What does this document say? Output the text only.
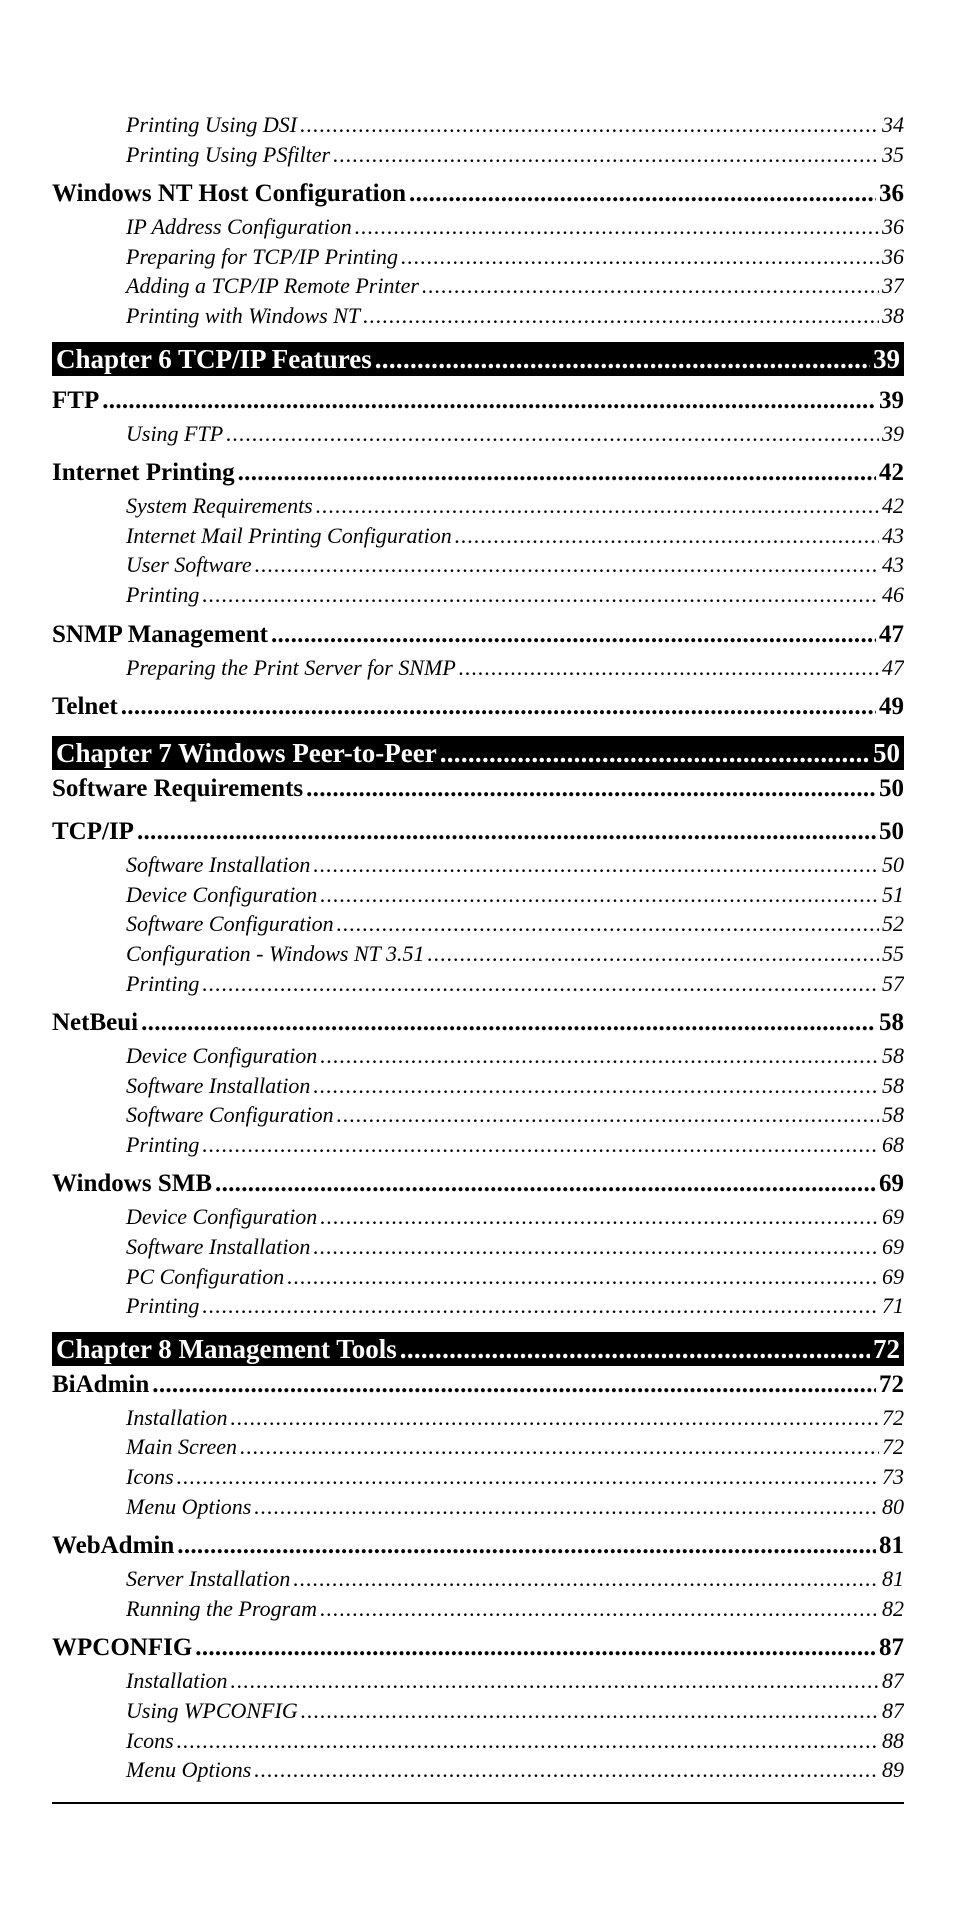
Printing Using DSI .....	34
Printing Using PSfilter .....	35
Windows NT Host Configuration .....	36
IP Address Configuration .....	36
Preparing for TCP/IP Printing .....	36
Adding a TCP/IP Remote Printer .....	37
Printing with Windows NT .....	38
Chapter 6 TCP/IP Features .....	39
FTP .....	39
Using FTP .....	39
Internet Printing .....	42
System Requirements .....	42
Internet Mail Printing Configuration .....	43
User Software .....	43
Printing .....	46
SNMP Management .....	47
Preparing the Print Server for SNMP .....	47
Telnet .....	49
Chapter 7 Windows Peer-to-Peer .....	50
Software Requirements .....	50
TCP/IP .....	50
Software Installation .....	50
Device Configuration .....	51
Software Configuration .....	52
Configuration - Windows NT 3.51 .....	55
Printing .....	57
NetBeui .....	58
Device Configuration .....	58
Software Installation .....	58
Software Configuration .....	58
Printing .....	68
Windows SMB .....	69
Device Configuration .....	69
Software Installation .....	69
PC Configuration .....	69
Printing .....	71
Chapter 8 Management Tools .....	72
BiAdmin .....	72
Installation .....	72
Main Screen .....	72
Icons .....	73
Menu Options .....	80
WebAdmin .....	81
Server Installation .....	81
Running the Program .....	82
WPCONFIG .....	87
Installation .....	87
Using WPCONFIG .....	87
Icons .....	88
Menu Options .....	89
